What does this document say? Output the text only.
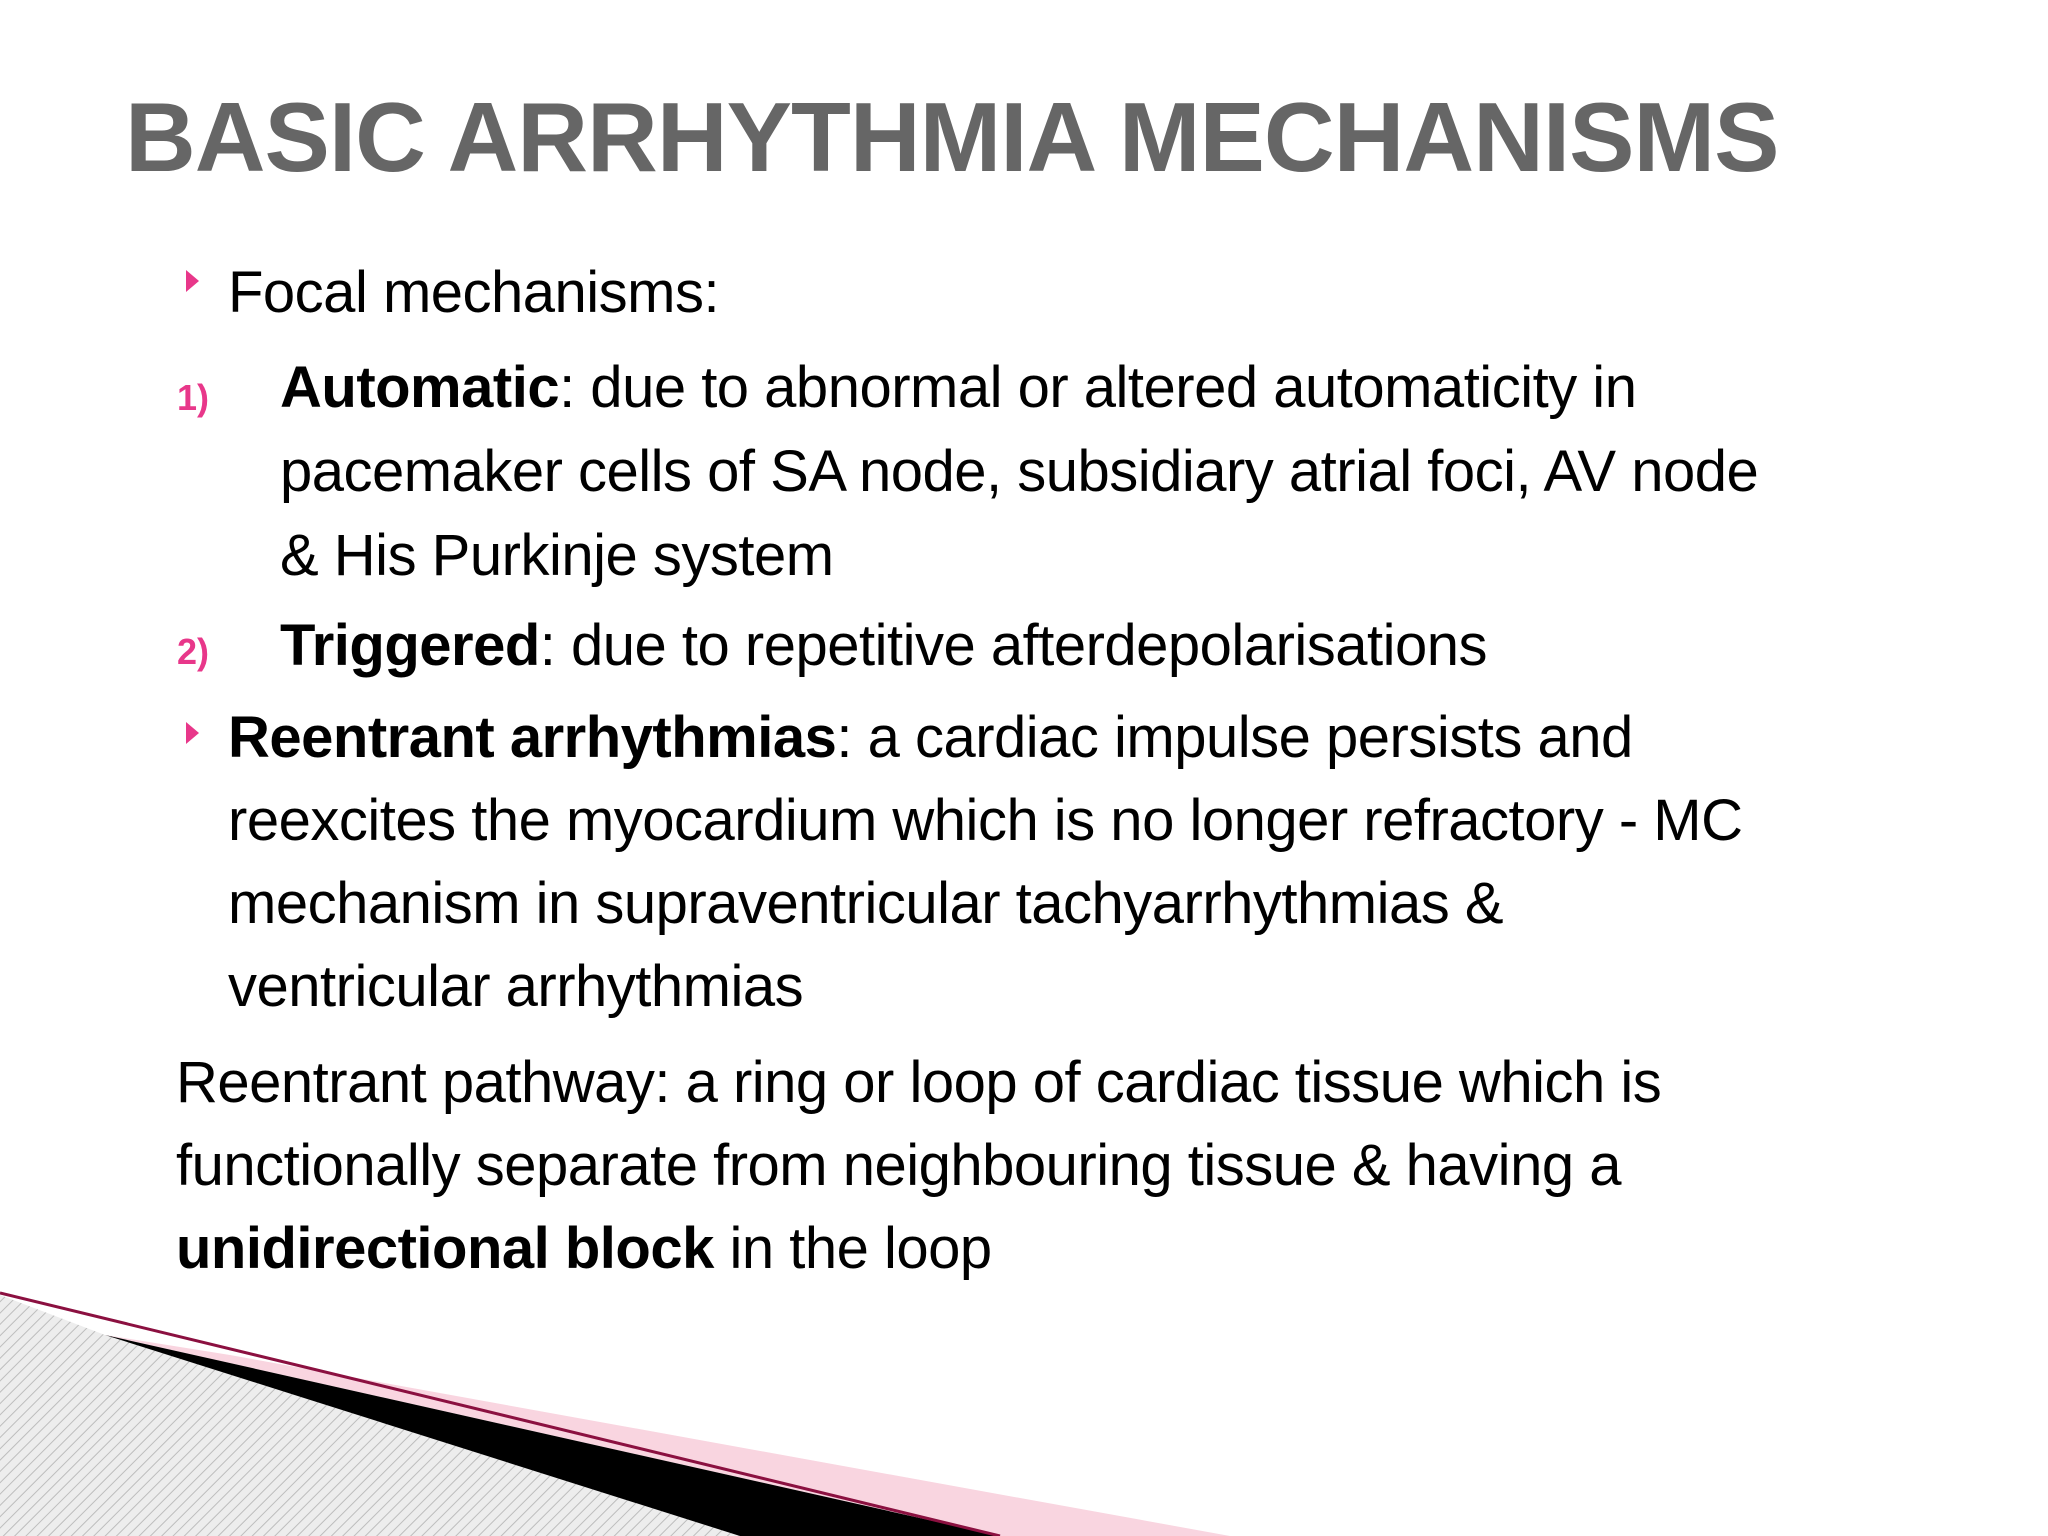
BASIC ARRHYTHMIA MECHANISMS
Focal mechanisms:
1) Automatic: due to abnormal or altered automaticity in
pacemaker cells of SA node, subsidiary atrial foci, AV node
& His Purkinje system
2) Triggered: due to repetitive afterdepolarisations
Reentrant arrhythmias: a cardiac impulse persists and
reexcites the myocardium which is no longer refractory - MC
mechanism in supraventricular tachyarrhythmias &
ventricular arrhythmias
Reentrant pathway: a ring or loop of cardiac tissue which is
functionally separate from neighbouring tissue & having a
unidirectional block in the loop
